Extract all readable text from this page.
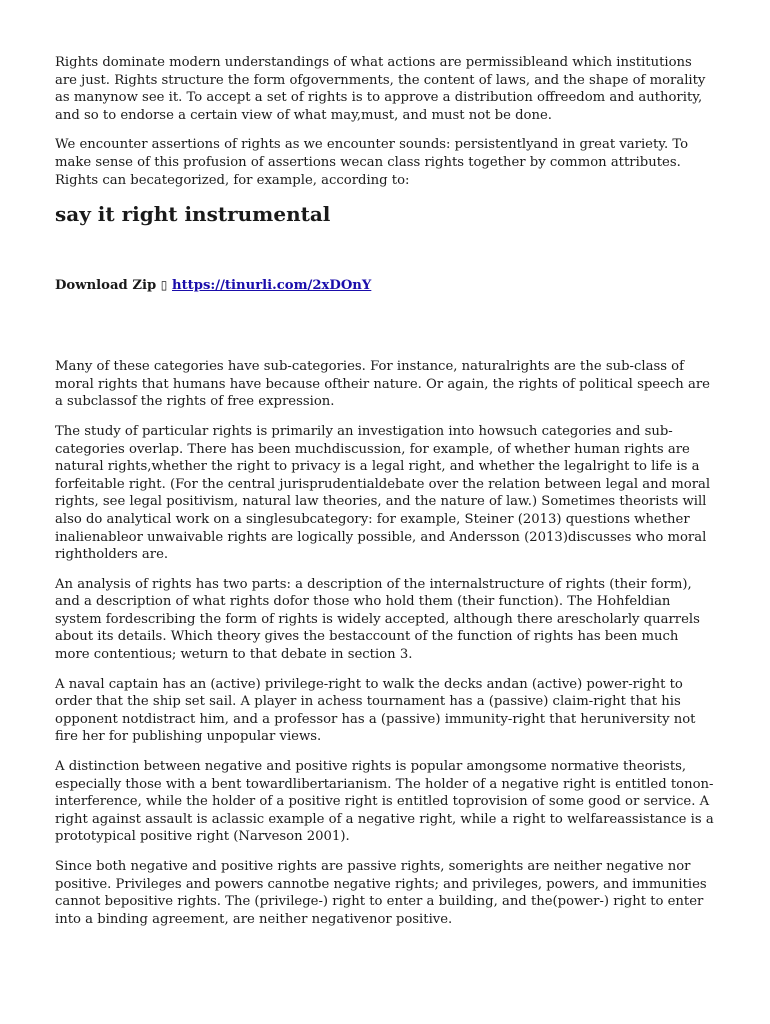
Rights dominate modern understandings of what actions are permissibleand which institutions are just. Rights structure the form ofgovernments, the content of laws, and the shape of morality as manynow see it. To accept a set of rights is to approve a distribution offreedom and authority, and so to endorse a certain view of what may,must, and must not be done.

We encounter assertions of rights as we encounter sounds: persistentlyand in great variety. To make sense of this profusion of assertions wecan class rights together by common attributes. Rights can becategorized, for example, according to:

say it right instrumental
Download Zip ▯ https://tinurli.com/2xDOnY

Many of these categories have sub-categories. For instance, naturalrights are the sub-class of moral rights that humans have because oftheir nature. Or again, the rights of political speech are a subclassof the rights of free expression.

The study of particular rights is primarily an investigation into howsuch categories and sub-categories overlap. There has been muchdiscussion, for example, of whether human rights are natural rights,whether the right to privacy is a legal right, and whether the legalright to life is a forfeitable right. (For the central jurisprudentialdebate over the relation between legal and moral rights, see legal positivism, natural law theories, and the nature of law.) Sometimes theorists will also do analytical work on a singlesubcategory: for example, Steiner (2013) questions whether inalienableor unwaivable rights are logically possible, and Andersson (2013)discusses who moral rightholders are.

An analysis of rights has two parts: a description of the internalstructure of rights (their form), and a description of what rights dofor those who hold them (their function). The Hohfeldian system fordescribing the form of rights is widely accepted, although there arescholarly quarrels about its details. Which theory gives the bestaccount of the function of rights has been much more contentious; weturn to that debate in section 3.

A naval captain has an (active) privilege-right to walk the decks andan (active) power-right to order that the ship set sail. A player in achess tournament has a (passive) claim-right that his opponent notdistract him, and a professor has a (passive) immunity-right that heruniversity not fire her for publishing unpopular views.

A distinction between negative and positive rights is popular amongsome normative theorists, especially those with a bent towardlibertarianism. The holder of a negative right is entitled tonon-interference, while the holder of a positive right is entitled toprovision of some good or service. A right against assault is aclassic example of a negative right, while a right to welfareassistance is a prototypical positive right (Narveson 2001).

Since both negative and positive rights are passive rights, somerights are neither negative nor positive. Privileges and powers cannotbe negative rights; and privileges, powers, and immunities cannot bepositive rights. The (privilege-) right to enter a building, and the(power-) right to enter into a binding agreement, are neither negativenor positive.
